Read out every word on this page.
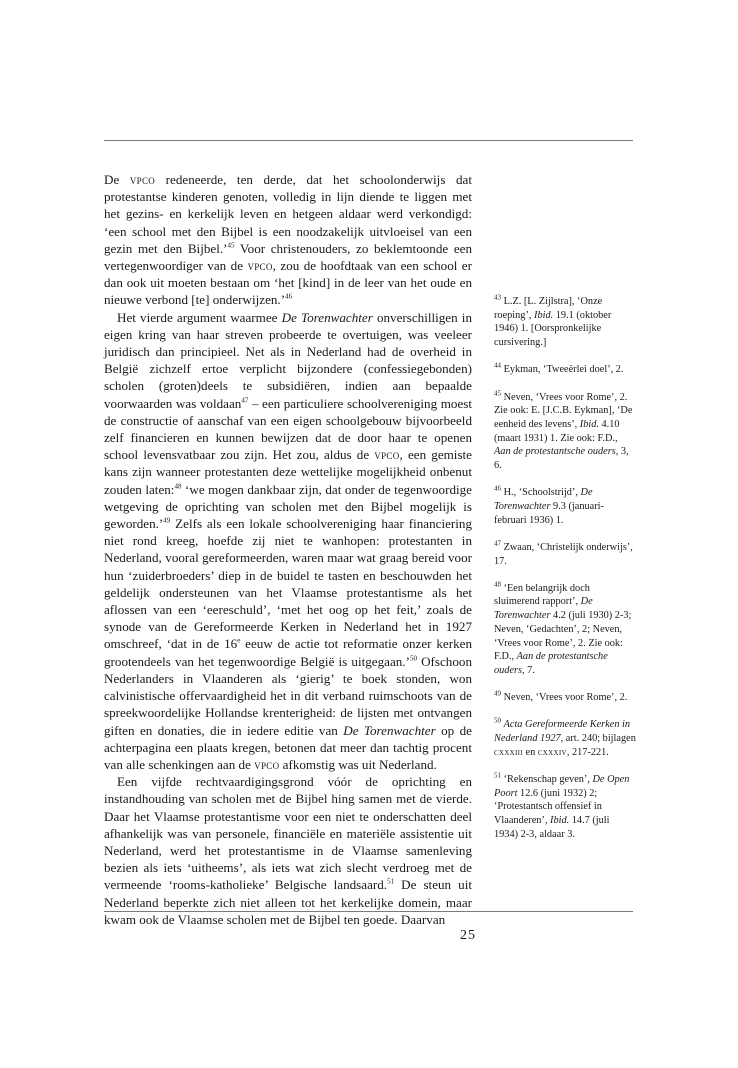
De vpco redeneerde, ten derde, dat het schoolonderwijs dat protestantse kinderen genoten, volledig in lijn diende te liggen met het gezins- en kerkelijk leven en hetgeen aldaar werd verkondigd: ‘een school met den Bijbel is een noodzakelijk uitvloeisel van een gezin met den Bijbel.’$^{45}$ Voor christenouders, zo beklemtoonde een vertegenwoordiger van de vpco, zou de hoofdtaak van een school er dan ook uit moeten bestaan om ‘het [kind] in de leer van het oude en nieuwe verbond [te] onderwijzen.’$^{46}$

Het vierde argument waarmee De Torenwachter onverschilligen in eigen kring van haar streven probeerde te overtuigen, was veeleer juridisch dan principieel. Net als in Nederland had de overheid in België zichzelf ertoe verplicht bijzondere (confessiegebonden) scholen (groten)deels te subsidiëren, indien aan bepaalde voorwaarden was voldaan$^{47}$ – een particuliere schoolvereniging moest de constructie of aanschaf van een eigen schoolgebouw bijvoorbeeld zelf financieren en kunnen bewijzen dat de door haar te openen school levensvatbaar zou zijn. Het zou, aldus de vpco, een gemiste kans zijn wanneer protestanten deze wettelijke mogelijkheid onbenut zouden laten:$^{48}$ ‘we mogen dankbaar zijn, dat onder de tegenwoordige wetgeving de oprichting van scholen met den Bijbel mogelijk is geworden.’$^{49}$ Zelfs als een lokale schoolvereniging haar financiering niet rond kreeg, hoefde zij niet te wanhopen: protestanten in Nederland, vooral gereformeerden, waren maar wat graag bereid voor hun ‘zuiderbroeders’ diep in de buidel te tasten en beschouwden het geldelijk ondersteunen van het Vlaamse protestantisme als het aflossen van een ‘eereschuld’, ‘met het oog op het feit,’ zoals de synode van de Gereformeerde Kerken in Nederland het in 1927 omschreef, ‘dat in de 16e eeuw de actie tot reformatie onzer kerken grootendeels van het tegenwoordige België is uitgegaan.’$^{50}$ Ofschoon Nederlanders in Vlaanderen als ‘gierig’ te boek stonden, won calvinistische offervaardigheid het in dit verband ruimschoots van de spreekwoordelijke Hollandse krenterigheid: de lijsten met ontvangen giften en donaties, die in iedere editie van De Torenwachter op de achterpagina een plaats kregen, betonen dat meer dan tachtig procent van alle schenkingen aan de vpco afkomstig was uit Nederland.

Een vijfde rechtvaardigingsgrond vóór de oprichting en instandhouding van scholen met de Bijbel hing samen met de vierde. Daar het Vlaamse protestantisme voor een niet te onderschatten deel afhankelijk was van personele, financiële en materiële assistentie uit Nederland, werd het protestantisme in de Vlaamse samenleving bezien als iets ‘uitheems’, als iets wat zich slecht verdroeg met de vermeende ‘rooms-katholieke’ Belgische landsaard.$^{51}$ De steun uit Nederland beperkte zich niet alleen tot het kerkelijke domein, maar kwam ook de Vlaamse scholen met de Bijbel ten goede. Daarvan

$^{43}$ L.Z. [L. Zijlstra], ‘Onze roeping’, Ibid. 19.1 (oktober 1946) 1. [Oorspronkelijke cursivering.]
$^{44}$ Eykman, ‘Tweeërlei doel’, 2.
$^{45}$ Neven, ‘Vrees voor Rome’, 2. Zie ook: E. [J.C.B. Eykman], ‘De eenheid des levens’, Ibid. 4.10 (maart 1931) 1. Zie ook: F.D., Aan de protestantsche ouders, 3, 6.
$^{46}$ H., ‘Schoolstrijd’, De Torenwachter 9.3 (januari-februari 1936) 1.
$^{47}$ Zwaan, ‘Christelijk onderwijs’, 17.
$^{48}$ ‘Een belangrijk doch sluimerend rapport’, De Torenwachter 4.2 (juli 1930) 2-3; Neven, ‘Gedachten’, 2; Neven, ‘Vrees voor Rome’, 2. Zie ook: F.D., Aan de protestantsche ouders, 7.
$^{49}$ Neven, ‘Vrees voor Rome’, 2.
$^{50}$ Acta Gereformeerde Kerken in Nederland 1927, art. 240; bijlagen cxxxiii en cxxxiv, 217-221.
$^{51}$ ‘Rekenschap geven’, De Open Poort 12.6 (juni 1932) 2; ‘Protestantsch offensief in Vlaanderen’, Ibid. 14.7 (juli 1934) 2-3, aldaar 3.
25
